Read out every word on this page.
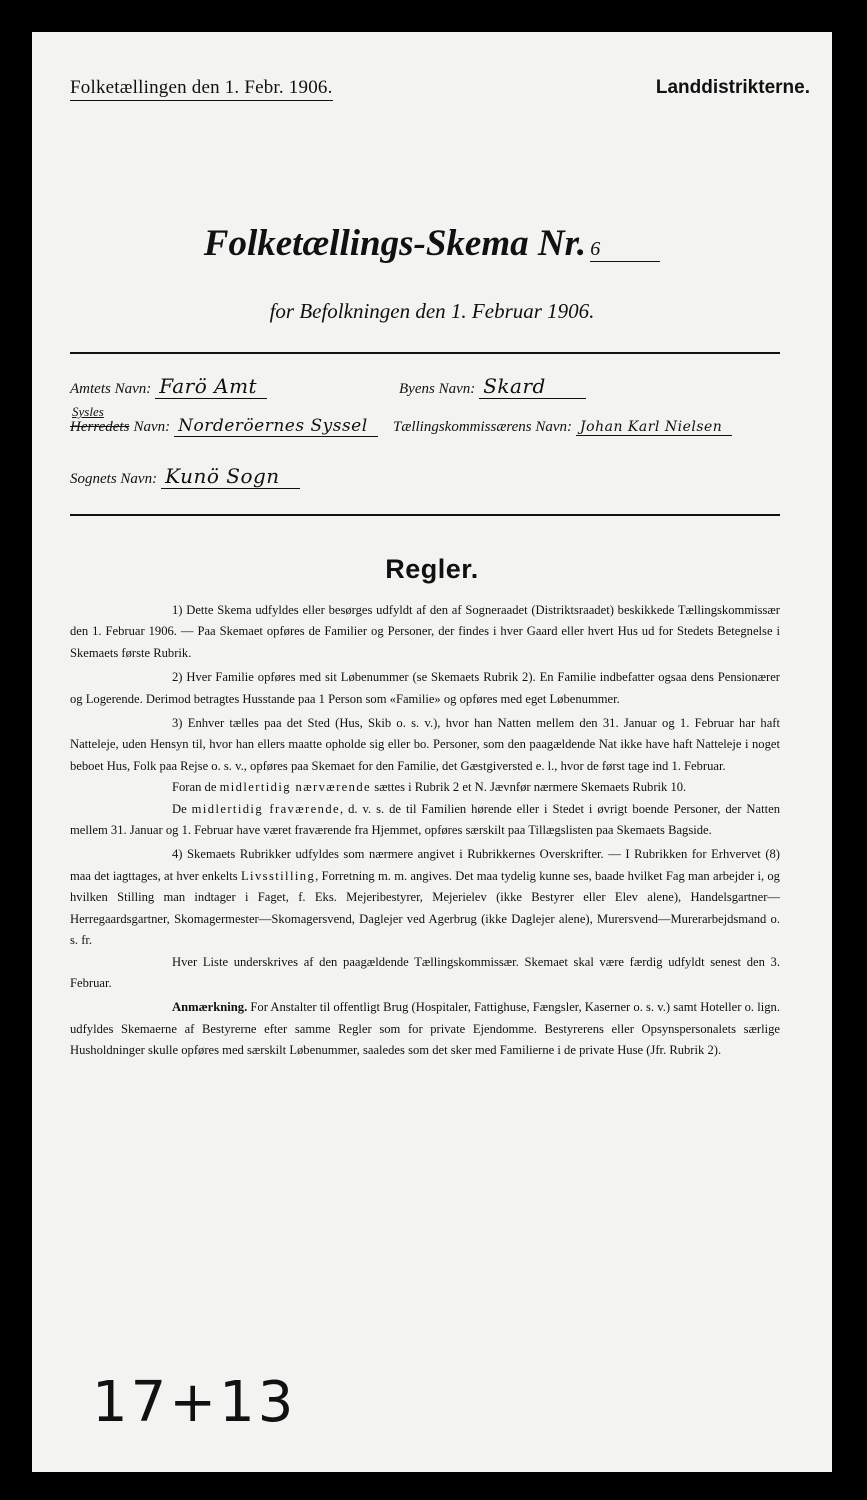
Folketællingen den 1. Febr. 1906.	Landdistrikterne.
Folketællings-Skema Nr. 6
for Befolkningen den 1. Februar 1906.
Amtets Navn: Farö Amt	Byens Navn: Skard
Sysles
Herredets Navn: Norderöernes Syssel	Tællingskommissærens Navn: Johan Karl Nielsen
Sognets Navn: Kunö Sogn
Regler.

1) Dette Skema udfyldes eller besørges udfyldt af den af Sogneraadet (Distriktsraadet) beskikkede Tællingskommissær den 1. Februar 1906. — Paa Skemaet opføres de Familier og Personer, der findes i hver Gaard eller hvert Hus ud for Stedets Betegnelse i Skemaets første Rubrik.

2) Hver Familie opføres med sit Løbenummer (se Skemaets Rubrik 2). En Familie indbefatter ogsaa dens Pensionærer og Logerende. Derimod betragtes Husstande paa 1 Person som «Familie» og opføres med eget Løbenummer.

3) Enhver tælles paa det Sted (Hus, Skib o. s. v.), hvor han Natten mellem den 31. Januar og 1. Februar har haft Natteleje, uden Hensyn til, hvor han ellers maatte opholde sig eller bo. Personer, som den paagældende Nat ikke have haft Natteleje i noget beboet Hus, Folk paa Rejse o. s. v., opføres paa Skemaet for den Familie, det Gæstgiversted e. l., hvor de først tage ind 1. Februar.

Foran de midlertidig nærværende sættes i Rubrik 2 et N. Jævnfør nærmere Skemaets Rubrik 10.

De midlertidig fraværende, d. v. s. de til Familien hørende eller i Stedet i øvrigt boende Personer, der Natten mellem 31. Januar og 1. Februar have været fraværende fra Hjemmet, opføres særskilt paa Tillægslisten paa Skemaets Bagside.

4) Skemaets Rubrikker udfyldes som nærmere angivet i Rubrikkernes Overskrifter. — I Rubrikken for Erhvervet (8) maa det iagttages, at hver enkelts Livsstilling, Forretning m. m. angives. Det maa tydelig kunne ses, baade hvilket Fag man arbejder i, og hvilken Stilling man indtager i Faget, f. Eks. Mejeribestyrer, Mejerielev (ikke Bestyrer eller Elev alene), Handelsgartner—Herregaardsgartner, Skomagermester—Skomagersvend, Daglejer ved Agerbrug (ikke Daglejer alene), Murersvend—Murerarbejdsmand o. s. fr.

Hver Liste underskrives af den paagældende Tællingskommissær. Skemaet skal være færdig udfyldt senest den 3. Februar.

Anmærkning. For Anstalter til offentligt Brug (Hospitaler, Fattighuse, Fængsler, Kaserner o. s. v.) samt Hoteller o. lign. udfyldes Skemaerne af Bestyrerne efter samme Regler som for private Ejendomme. Bestyrerens eller Opsynspersonalets særlige Husholdninger skulle opføres med særskilt Løbenummer, saaledes som det sker med Familierne i de private Huse (Jfr. Rubrik 2).

17+13
